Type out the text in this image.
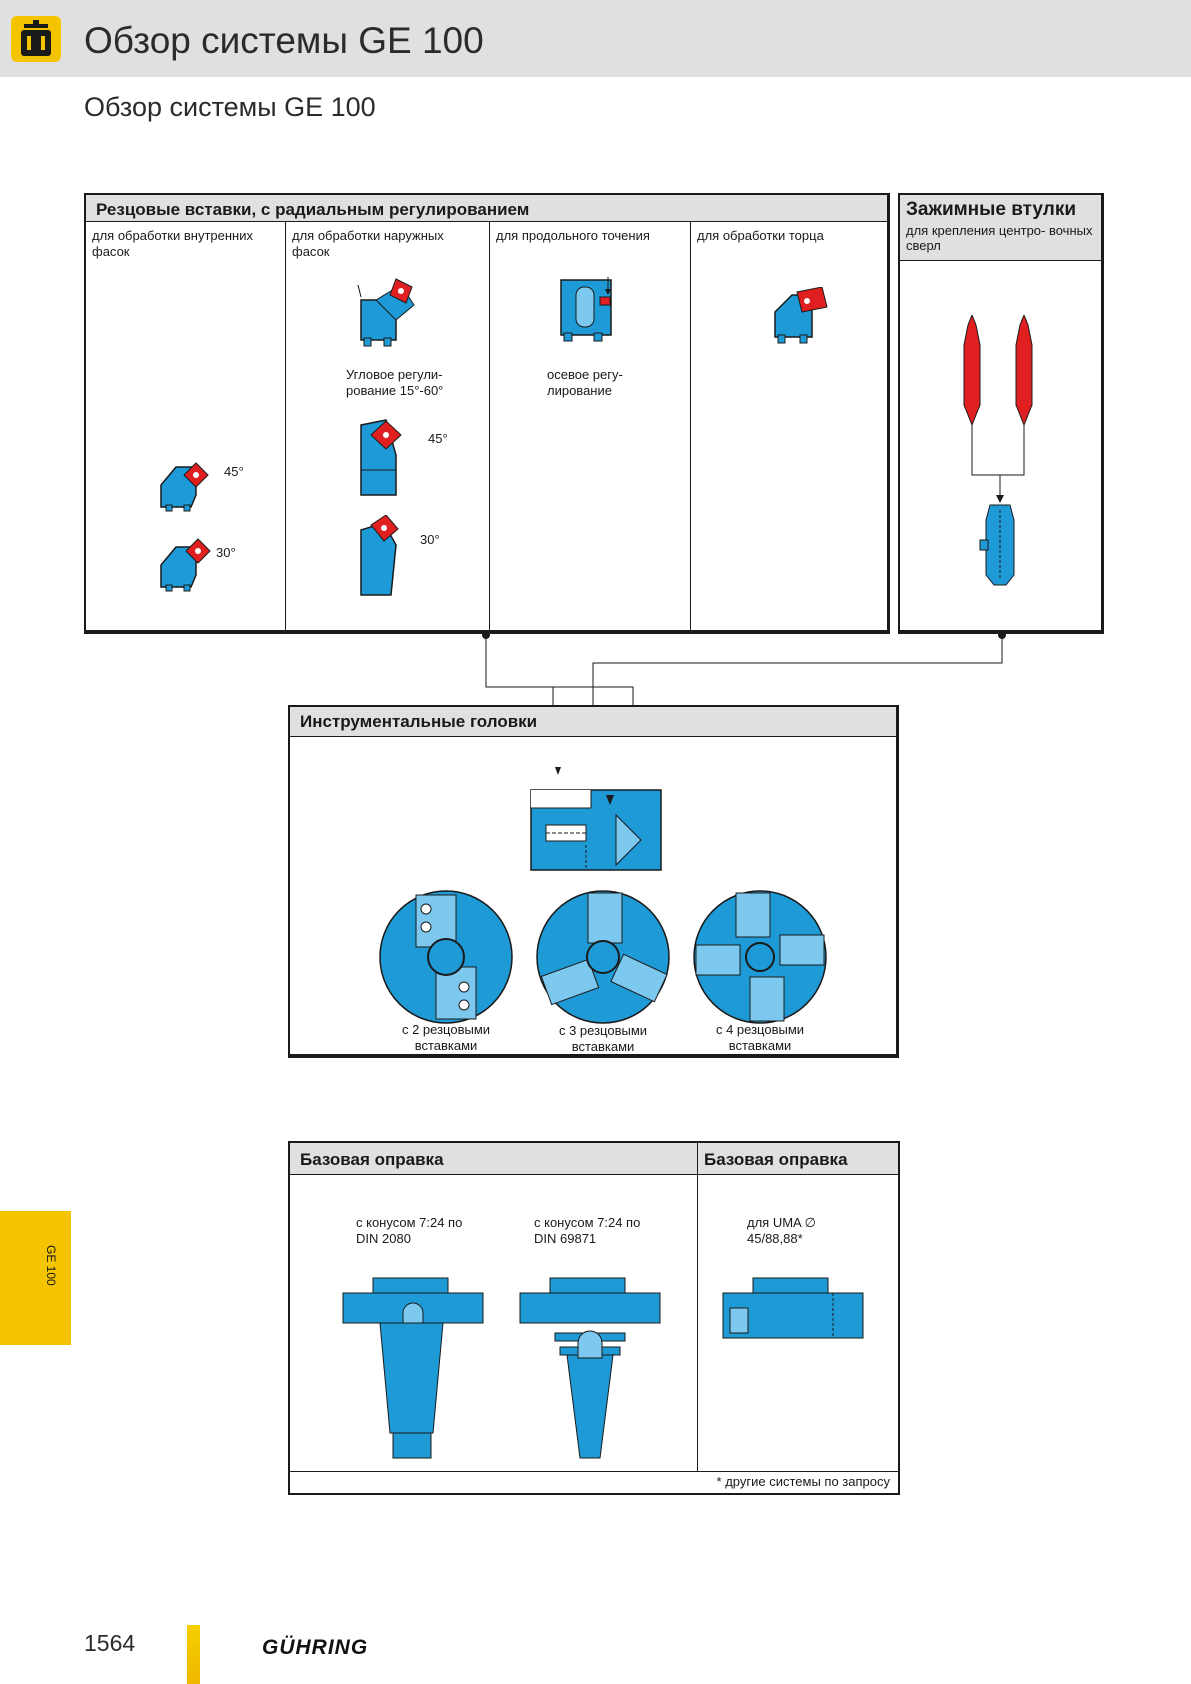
Обзор системы GE 100
Обзор системы GE 100
Резцовые вставки, с радиальным регулированием
для обработки внутренних фасок
для обработки наружных фасок
для продольного точения	для обработки торца
Угловое регули- рование 15°-60°
осевое регу- лирование
45°
30°
45°
30°
Зажимные втулки
для крепления центро- вочных сверл
Инструментальные головки
с 2 резцовыми вставками
с 3 резцовыми вставками
с 4 резцовыми вставками
Базовая оправка	Базовая оправка
с конусом 7:24 по DIN 2080
с конусом 7:24 по DIN 69871
для UMA ∅ 45/88,88*
* другие системы по запросу
GE 100
1564	GÜHRING
